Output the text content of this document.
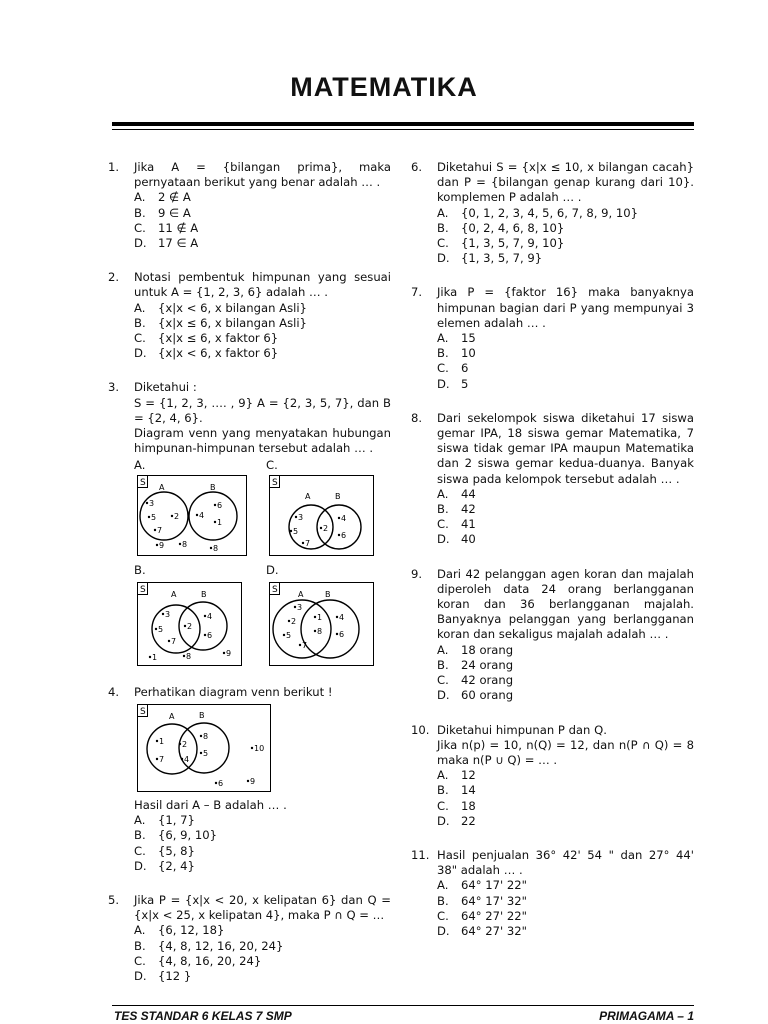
MATEMATIKA
1. Jika A = {bilangan prima}, maka pernyataan berikut yang benar adalah … .
A.	2 ∉ A
B.	9 ∈ A
C.	11 ∉ A
D. 17 ∈ A
2. Notasi pembentuk himpunan yang sesuai untuk A = {1, 2, 3, 6} adalah … .
A.	{x|x < 6, x bilangan Asli}
B.	{x|x ≤ 6, x bilangan Asli}
C.	{x|x ≤ 6, x faktor 6}
D. {x|x < 6, x faktor 6}
3. Diketahui :
S = {1, 2, 3, …. , 9} A = {2, 3, 5, 7}, dan B = {2, 4, 6}.
Diagram venn yang menyatakan hubungan himpunan-himpunan tersebut adalah … .
A.	C.
B.	D.
S A	B
3
5
7
2 4
6
1
9 8	8
S
A	B
3
5
7
2
4
6
S	A	B
3
5
7
2
4
6
1	8	9
S	A	B
3
2
5
7
1
8
4
6
4. Perhatikan diagram venn berikut !
S	A	B
1
7
2
4
8
5
10
6	9
Hasil dari A – B adalah … .
A.	{1, 7}
B.	{6, 9, 10}
C.	{5, 8}
D. {2, 4}
5. Jika P = {x|x < 20, x kelipatan 6} dan Q = {x|x < 25, x kelipatan 4}, maka P ∩ Q = …
A.	{6, 12, 18}
B.	{4, 8, 12, 16, 20, 24}
C.	{4, 8, 16, 20, 24}
D. {12 }
6. Diketahui S = {x|x ≤ 10, x bilangan cacah} dan P = {bilangan genap kurang dari 10}. komplemen P adalah … .
A.	{0, 1, 2, 3, 4, 5, 6, 7, 8, 9, 10}
B.	{0, 2, 4, 6, 8, 10}
C.	{1, 3, 5, 7, 9, 10}
D. {1, 3, 5, 7, 9}
7. Jika P = {faktor 16} maka banyaknya himpunan bagian dari P yang mempunyai 3 elemen adalah … .
A.	15
B.	10
C.	6
D. 5
8. Dari sekelompok siswa diketahui 17 siswa gemar IPA, 18 siswa gemar Matematika, 7 siswa tidak gemar IPA maupun Matematika dan 2 siswa gemar kedua-duanya. Banyak siswa pada kelompok tersebut adalah … .
A.	44
B.	42
C.	41
D. 40
9. Dari 42 pelanggan agen koran dan majalah diperoleh data 24 orang berlangganan koran dan 36 berlangganan majalah. Banyaknya pelanggan yang berlangganan koran dan sekaligus majalah adalah … .
A.	18 orang
B.	24 orang
C.	42 orang
D. 60 orang
10. Diketahui himpunan P dan Q.
Jika n(p) = 10, n(Q) = 12, dan n(P ∩ Q) = 8 maka n(P ∪ Q) = … .
A.	12
B.	14
C.	18
D. 22
11. Hasil penjualan 36° 42' 54 " dan 27° 44' 38" adalah … .
A.	64° 17' 22"
B.	64° 17' 32"
C.	64° 27' 22"
D. 64° 27' 32"
TES STANDAR 6 KELAS 7 SMP	PRIMAGAMA – 1
